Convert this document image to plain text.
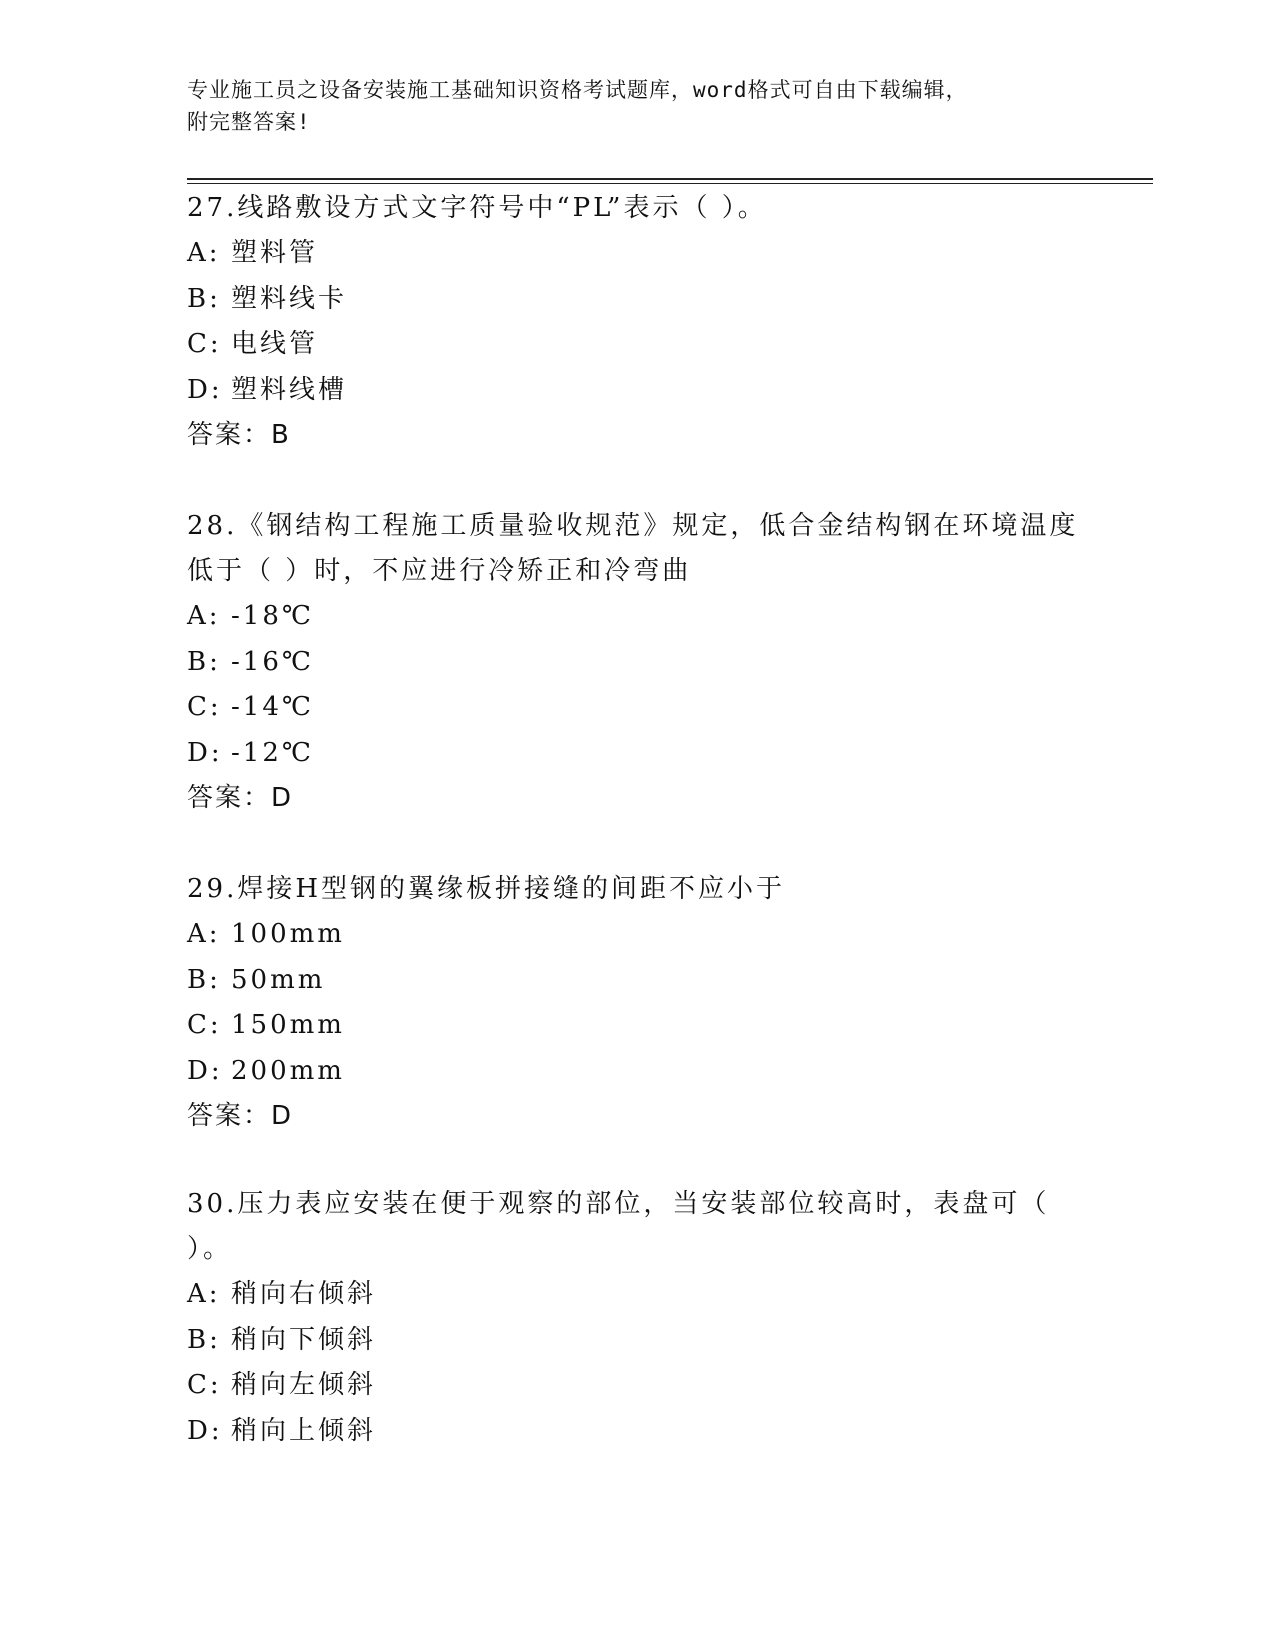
专业施工员之设备安装施工基础知识资格考试题库，word格式可自由下载编辑，
附完整答案!
27.线路敷设方式文字符号中“PL”表示（ ）。
A: 塑料管
B: 塑料线卡
C: 电线管
D: 塑料线槽
答案：B
28.《钢结构工程施工质量验收规范》规定，低合金结构钢在环境温度
低于（ ）时，不应进行冷矫正和冷弯曲
A: -18℃
B: -16℃
C: -14℃
D: -12℃
答案：D
29.焊接H型钢的翼缘板拼接缝的间距不应小于
A: 100mm
B: 50mm
C: 150mm
D: 200mm
答案：D
30.压力表应安装在便于观察的部位，当安装部位较高时，表盘可（
）。
A: 稍向右倾斜
B: 稍向下倾斜
C: 稍向左倾斜
D: 稍向上倾斜
